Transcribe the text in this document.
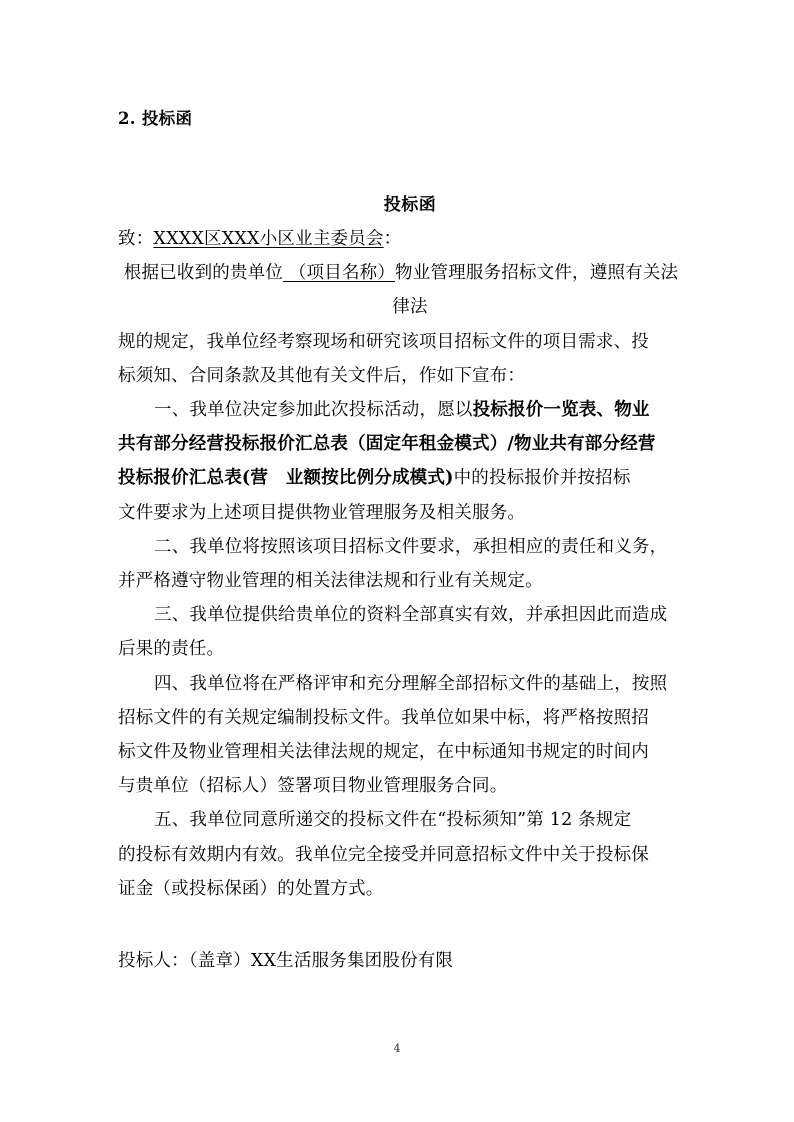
2. 投标函

投标函

致：XXXX区XXX小区业主委员会：

根据已收到的贵单位 （项目名称）物业管理服务招标文件，遵照有关法

律法

规的规定，我单位经考察现场和研究该项目招标文件的项目需求、投

标须知、合同条款及其他有关文件后，作如下宣布：

一、我单位决定参加此次投标活动，愿以投标报价一览表、物业

共有部分经营投标报价汇总表（固定年租金模式）/物业共有部分经营

投标报价汇总表(营　业额按比例分成模式)中的投标报价并按招标

文件要求为上述项目提供物业管理服务及相关服务。

二、我单位将按照该项目招标文件要求，承担相应的责任和义务，

并严格遵守物业管理的相关法律法规和行业有关规定。

三、我单位提供给贵单位的资料全部真实有效，并承担因此而造成

后果的责任。

四、我单位将在严格评审和充分理解全部招标文件的基础上，按照

招标文件的有关规定编制投标文件。我单位如果中标，将严格按照招

标文件及物业管理相关法律法规的规定，在中标通知书规定的时间内

与贵单位（招标人）签署项目物业管理服务合同。

五、我单位同意所递交的投标文件在“投标须知”第 12 条规定

的投标有效期内有效。我单位完全接受并同意招标文件中关于投标保

证金（或投标保函）的处置方式。

投标人：（盖章）XX生活服务集团股份有限

4
